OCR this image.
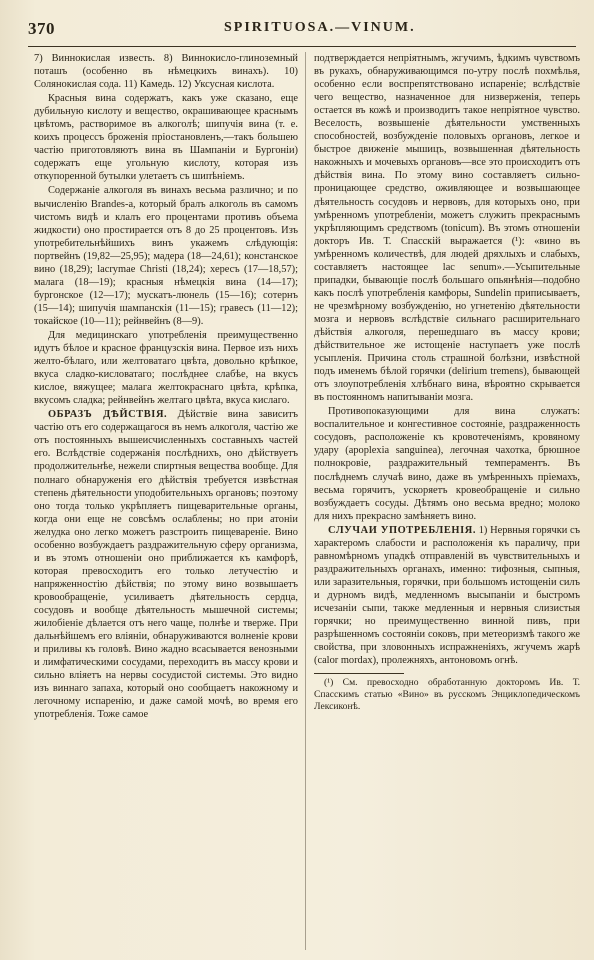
370	SPIRITUOSA.—VINUM.

7) Виннокислая известь. 8) Виннокисло-глиноземный поташъ (особенно въ нѣмецкихъ винахъ). 10) Солянокислая сода. 11) Камедь. 12) Уксусная кислота.

Красныя вина содержатъ, какъ уже сказано, еще дубильную кислоту и вещество, окрашивающее краснымъ цвѣтомъ, растворимое въ алкоголѣ; шипучія вина (т. е. коихъ процессъ броженія пріостановленъ,—такъ большею частію приготовляютъ вина въ Шампаніи и Бургоніи) содержатъ еще угольную кислоту, которая изъ откупоренной бутылки улетаетъ съ шипѣніемъ.

Содержаніе алкоголя въ винахъ весьма различно; и по вычисленію Brandes-а, который бралъ алкоголь въ самомъ чистомъ видѣ и клалъ его процентами противъ объема жидкости) оно простирается отъ 8 до 25 процентовъ. Изъ употребительнѣйшихъ винъ укажемъ слѣдующія: портвейнъ (19,82—25,95); мадера (18—24,61); констанское вино (18,29); lacrymae Christi (18,24); хересъ (17—18,57); малага (18—19); красныя нѣмецкія вина (14—17); бургонское (12—17); мускатъ-люнель (15—16); сотернъ (15—14); шипучія шампанскія (11—15); гравесъ (11—12); токайское (10—11); рейнвейнъ (8—9).

Для медицинскаго употребленія преимущественно идутъ бѣлое и красное французскія вина. Первое изъ нихъ желто-бѣлаго, или желтоватаго цвѣта, довольно крѣпкое, вкуса сладко-кисловатаго; послѣднее слабѣе, на вкусъ кислое, вяжущее; малага желтокраснаго цвѣта, крѣпка, вкусомъ сладка; рейнвейнъ желтаго цвѣта, вкуса кислаго.

ОБРАЗЪ ДѢЙСТВІЯ. Дѣйствіе вина зависитъ частію отъ его содержащагося въ немъ алкоголя, частію же отъ постоянныхъ вышеисчисленныхъ составныхъ частей его. Вслѣдствіе содержанія послѣднихъ, оно дѣйствуетъ продолжительнѣе, нежели спиртныя вещества вообще. Для полнаго обнаруженія его дѣйствія требуется извѣстная степень дѣятельности уподобительныхъ органовъ; поэтому оно тогда только укрѣпляетъ пищеварительные органы, когда они еще не совсѣмъ ослаблены; но при атоніи желудка оно легко можетъ разстроить пищевареніе. Вино особенно возбуждаетъ раздражительную сферу организма, и въ этомъ отношеніи оно приближается къ камфорѣ, которая превосходитъ его только летучестію и напряженностію дѣйствія; по этому вино возвышаетъ кровообращеніе, усиливаетъ дѣятельность сердца, сосудовъ и вообще дѣятельность мышечной системы; жилобіеніе дѣлается отъ него чаще, полнѣе и тверже. При дальнѣйшемъ его вліяніи, обнаруживаются волненіе крови и приливы къ головѣ. Вино жадно всасывается венозными и лимфатическими сосудами, переходитъ въ массу крови и сильно вліяетъ на нервы сосудистой системы. Это видно изъ виннаго запаха, который оно сообщаетъ накожному и легочному испаренію, и даже самой мочѣ, во время его употребленія. Тоже самое

подтверждается непріятнымъ, жгучимъ, ѣдкимъ чувствомъ въ рукахъ, обнаруживающимся по-утру послѣ похмѣлья, особенно если воспрепятствовано испареніе; вслѣдствіе чего вещество, назначенное для низверженія, теперь остается въ кожѣ и производитъ такое непріятное чувство. Веселость, возвышеніе дѣятельности умственныхъ способностей, возбужденіе половыхъ органовъ, легкое и быстрое движеніе мышицъ, возвышенная дѣятельность накожныхъ и мочевыхъ органовъ—все это происходитъ отъ дѣйствія вина. По этому вино составляетъ сильно-проницающее средство, оживляющее и возвышающее дѣятельность сосудовъ и нервовъ, для которыхъ оно, при умѣренномъ употребленіи, можетъ служить прекраснымъ укрѣпляющимъ средствомъ (tonicum). Въ этомъ отношеніи докторъ Ив. Т. Спасскій выражается (¹): «вино въ умѣренномъ количествѣ, для людей дряхлыхъ и слабыхъ, составляетъ настоящее lac senum».—Усыпительные припадки, бывающіе послѣ большаго опьянѣнія—подобно какъ послѣ употребленія камфоры, Sundelin приписываетъ, не чрезмѣрному возбужденію, но угнетенію дѣятельности мозга и нервовъ вслѣдствіе сильнаго расширительнаго дѣйствія алкоголя, перешедшаго въ массу крови; дѣйствительное же истощеніе наступаетъ уже послѣ усыпленія. Причина столь страшной болѣзни, извѣстной подъ именемъ бѣлой горячки (delirium tremens), бывающей отъ злоупотребленія хлѣбнаго вина, вѣроятно скрывается въ постоянномъ напитываніи мозга.

Противопоказующими для вина служатъ: воспалительное и конгестивное состояніе, раздраженность сосудовъ, расположеніе къ кровотеченіямъ, кровяному удару (apoplexia sanguinea), легочная чахотка, брюшное полнокровіе, раздражительный темпераментъ. Въ послѣднемъ случаѣ вино, даже въ умѣренныхъ пріемахъ, весьма горячитъ, ускоряетъ кровеобращеніе и сильно возбуждаетъ сосуды. Дѣтямъ оно весьма вредно; молоко для нихъ прекрасно замѣняетъ вино.

СЛУЧАИ УПОТРЕБЛЕНІЯ. 1) Нервныя горячки съ характеромъ слабости и расположенія къ параличу, при равномѣрномъ упадкѣ отправленій въ чувствительныхъ и раздражительныхъ органахъ, именно: тифозныя, сыпныя, или заразительныя, горячки, при большомъ истощеніи силъ и дурномъ видѣ, медленномъ высыпаніи и быстромъ исчезаніи сыпи, также медленныя и нервныя слизистыя горячки; но преимущественно винной пивъ, при разрѣшенномъ состояніи соковъ, при метеоризмѣ такого же свойства, при зловонныхъ испражненіяхъ, жгучемъ жарѣ (calor mordax), пролежняхъ, антоновомъ огнѣ.

(¹) См. превосходно обработанную докторомъ Ив. Т. Спасскимъ статью «Вино» въ русскомъ Энциклопедическомъ Лексиконѣ.
